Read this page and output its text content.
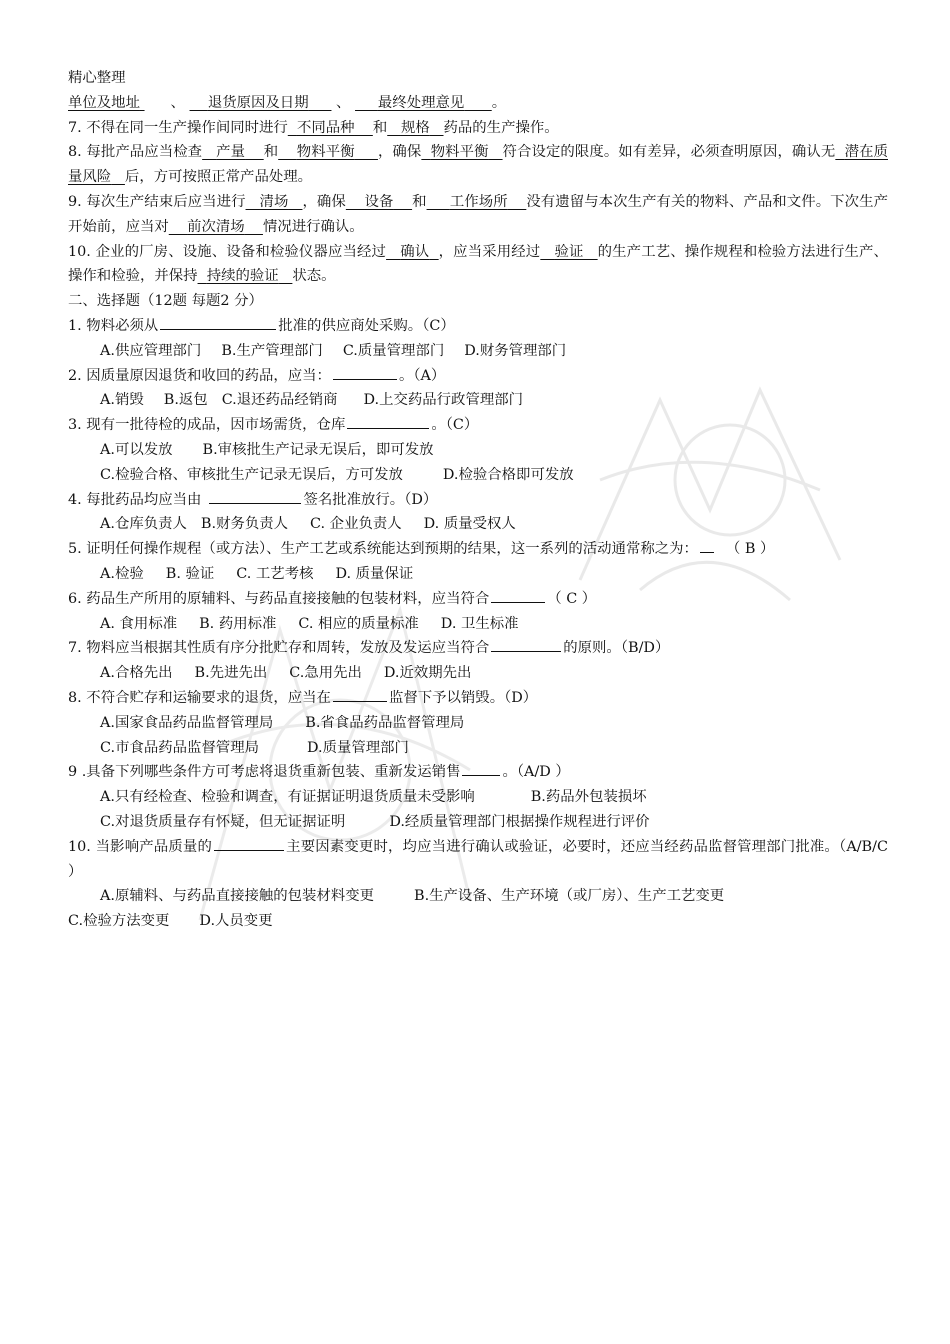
精心整理
单位及地址 、 退货原因及日期 、 最终处理意见 。
7. 不得在同一生产操作间同时进行 不同品种 和 规格 药品的生产操作。
8. 每批产品应当检查 产量 和 物料平衡 ，确保 物料平衡 符合设定的限度。如有差异，必须查明原因，确认无 潜在质量风险 后，方可按照正常产品处理。
9. 每次生产结束后应当进行 清场 ，确保 设备 和 工作场所 没有遗留与本次生产有关的物料、产品和文件。下次生产开始前，应当对 前次清场 情况进行确认。
10. 企业的厂房、设施、设备和检验仪器应当经过 确认 ，应当采用经过 验证 的生产工艺、操作规程和检验方法进行生产、操作和检验，并保持 持续的验证 状态。
二、选择题（12题 每题2 分）
1. 物料必须从	批准的供应商处采购。（C）
A.供应管理部门 B.生产管理部门 C.质量管理部门 D.财务管理部门
2. 因质量原因退货和收回的药品，应当：	。（A）
A.销毁 B.返包 C.退还药品经销商 D.上交药品行政管理部门
3. 现有一批待检的成品，因市场需货，仓库	。（C）
A.可以发放 B.审核批生产记录无误后，即可发放
C.检验合格、审核批生产记录无误后，方可发放	D.检验合格即可发放
4. 每批药品均应当由	签名批准放行。（D）
A.仓库负责人 B.财务负责人 C. 企业负责人 D. 质量受权人
5. 证明任何操作规程（或方法）、生产工艺或系统能达到预期的结果，这一系列的活动通常称之为： （ B ）
A.检验 B. 验证 C. 工艺考核 D. 质量保证
6. 药品生产所用的原辅料、与药品直接接触的包装材料，应当符合	（ C ）
A. 食用标准 B. 药用标准 C. 相应的质量标准 D. 卫生标准
7. 物料应当根据其性质有序分批贮存和周转，发放及发运应当符合	的原则。（B/D）
A.合格先出 B.先进先出 C.急用先出 D.近效期先出
8. 不符合贮存和运输要求的退货，应当在	监督下予以销毁。（D）
A.国家食品药品监督管理局 B.省食品药品监督管理局
C.市食品药品监督管理局	D.质量管理部门
9 .具备下列哪些条件方可考虑将退货重新包装、重新发运销售	。（A/D ）
A.只有经检查、检验和调查，有证据证明退货质量未受影响	B.药品外包装损坏
C.对退货质量存有怀疑，但无证据证明	D.经质量管理部门根据操作规程进行评价
10. 当影响产品质量的	主要因素变更时，均应当进行确认或验证，必要时，还应当经药品监督管理部门批准。（A/B/C ）
A.原辅料、与药品直接接触的包装材料变更	B.生产设备、生产环境（或厂房）、生产工艺变更
C.检验方法变更 D.人员变更
